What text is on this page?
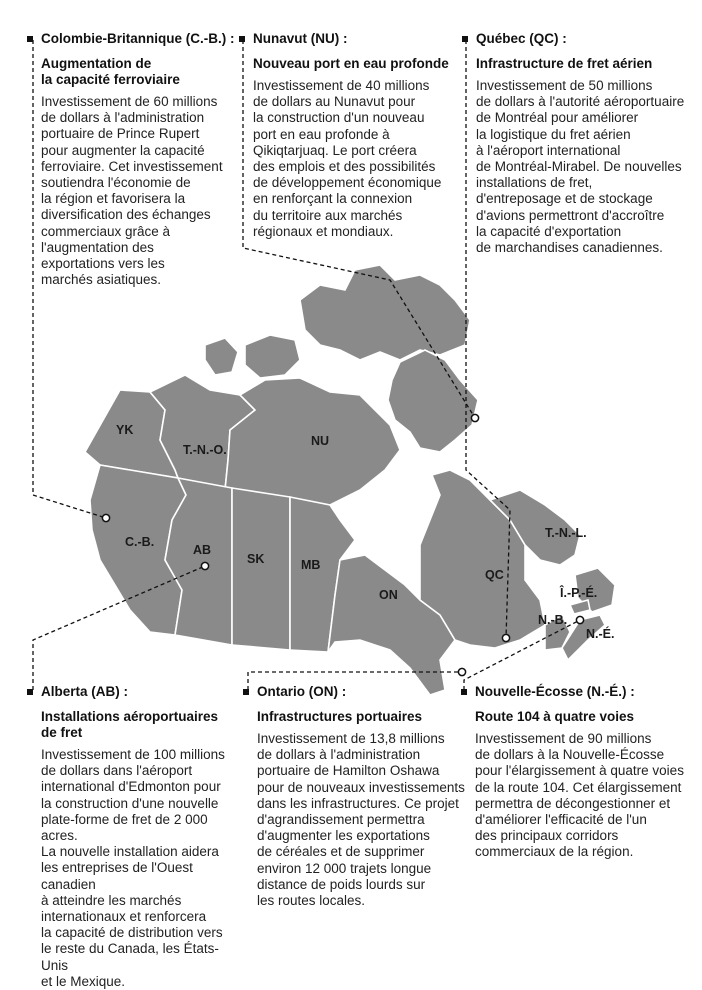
YK
T.-N.-O.
NU
C.-B.
AB
SK	MB
ON
QC
T.-N.-L.
Î.-P.-É.
N.-B.
N.-É.
Colombie-Britannique (C.-B.) :
Augmentation de
la capacité ferroviaire
Investissement de 60 millions
de dollars à l'administration
portuaire de Prince Rupert
pour augmenter la capacité
ferroviaire. Cet investissement
soutiendra l'économie de
la région et favorisera la
diversification des échanges
commerciaux grâce à
l'augmentation des
exportations vers les
marchés asiatiques.
Nunavut (NU) :
Nouveau port en eau profonde
Investissement de 40 millions
de dollars au Nunavut pour
la construction d'un nouveau
port en eau profonde à
Qikiqtarjuaq. Le port créera
des emplois et des possibilités
de développement économique
en renforçant la connexion
du territoire aux marchés
régionaux et mondiaux.
Québec (QC) :
Infrastructure de fret aérien
Investissement de 50 millions
de dollars à l'autorité aéroportuaire
de Montréal pour améliorer
la logistique du fret aérien
à l'aéroport international
de Montréal-Mirabel. De nouvelles
installations de fret,
d'entreposage et de stockage
d'avions permettront d'accroître
la capacité d'exportation
de marchandises canadiennes.
Alberta (AB) :
Installations aéroportuaires
de fret
Investissement de 100 millions
de dollars dans l'aéroport
international d'Edmonton pour
la construction d'une nouvelle
plate-forme de fret de 2 000 acres.
La nouvelle installation aidera
les entreprises de l'Ouest canadien
à atteindre les marchés
internationaux et renforcera
la capacité de distribution vers
le reste du Canada, les États-Unis
et le Mexique.
Ontario (ON) :
Infrastructures portuaires
Investissement de 13,8 millions
de dollars à l'administration
portuaire de Hamilton Oshawa
pour de nouveaux investissements
dans les infrastructures. Ce projet
d'agrandissement permettra
d'augmenter les exportations
de céréales et de supprimer
environ 12 000 trajets longue
distance de poids lourds sur
les routes locales.
Nouvelle-Écosse (N.-É.) :
Route 104 à quatre voies
Investissement de 90 millions
de dollars à la Nouvelle-Écosse
pour l'élargissement à quatre voies
de la route 104. Cet élargissement
permettra de décongestionner et
d'améliorer l'efficacité de l'un
des principaux corridors
commerciaux de la région.
